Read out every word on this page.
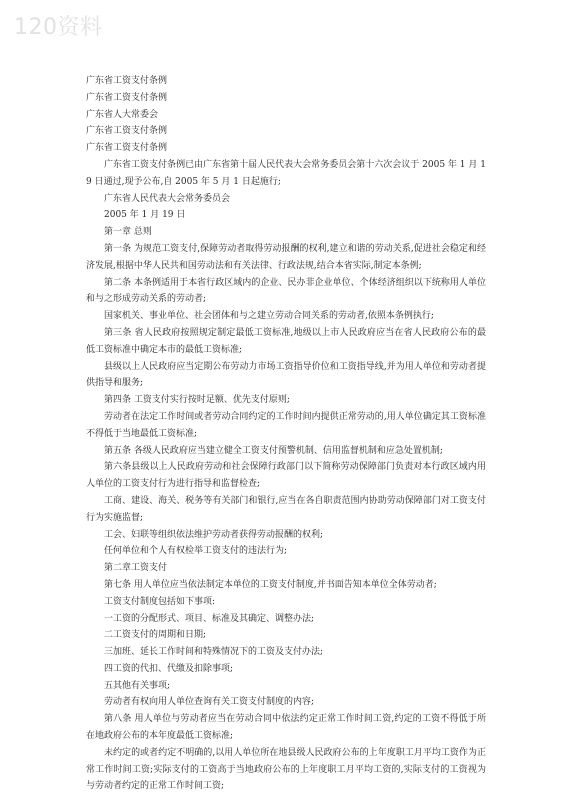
120资料
广东省工资支付条例
广东省工资支付条例
广东省人大常委会
广东省工资支付条例
广东省工资支付条例
广东省工资支付条例已由广东省第十届人民代表大会常务委员会第十六次会议于 2005 年 1 月 19 日通过,现予公布,自 2005 年 5 月 1 日起施行;
广东省人民代表大会常务委员会
2005 年 1 月 19 日
第一章 总则
第一条 为规范工资支付,保障劳动者取得劳动报酬的权利,建立和谐的劳动关系,促进社会稳定和经济发展,根据中华人民共和国劳动法和有关法律、行政法规,结合本省实际,制定本条例;
第二条 本条例适用于本省行政区域内的企业、民办非企业单位、个体经济组织以下统称用人单位和与之形成劳动关系的劳动者;
国家机关、事业单位、社会团体和与之建立劳动合同关系的劳动者,依照本条例执行;
第三条 省人民政府按照规定制定最低工资标准,地级以上市人民政府应当在省人民政府公布的最低工资标准中确定本市的最低工资标准;
县级以上人民政府应当定期公布劳动力市场工资指导价位和工资指导线,并为用人单位和劳动者提供指导和服务;
第四条 工资支付实行按时足额、优先支付原则;
劳动者在法定工作时间或者劳动合同约定的工作时间内提供正常劳动的,用人单位确定其工资标准不得低于当地最低工资标准;
第五条 各级人民政府应当建立健全工资支付预警机制、信用监督机制和应急处置机制;
第六条县级以上人民政府劳动和社会保障行政部门以下简称劳动保障部门负责对本行政区域内用人单位的工资支付行为进行指导和监督检查;
工商、建设、海关、税务等有关部门和银行,应当在各自职责范围内协助劳动保障部门对工资支付行为实施监督;
工会、妇联等组织依法维护劳动者获得劳动报酬的权利;
任何单位和个人有权检举工资支付的违法行为;
第二章工资支付
第七条 用人单位应当依法制定本单位的工资支付制度,并书面告知本单位全体劳动者;
工资支付制度包括如下事项:
一工资的分配形式、项目、标准及其确定、调整办法;
二工资支付的周期和日期;
三加班、延长工作时间和特殊情况下的工资及支付办法;
四工资的代扣、代缴及扣除事项;
五其他有关事项;
劳动者有权向用人单位查询有关工资支付制度的内容;
第八条 用人单位与劳动者应当在劳动合同中依法约定正常工作时间工资,约定的工资不得低于所在地政府公布的本年度最低工资标准;
未约定的或者约定不明确的,以用人单位所在地县级人民政府公布的上年度职工月平均工资作为正常工作时间工资;实际支付的工资高于当地政府公布的上年度职工月平均工资的,实际支付的工资视为与劳动者约定的正常工作时间工资;
